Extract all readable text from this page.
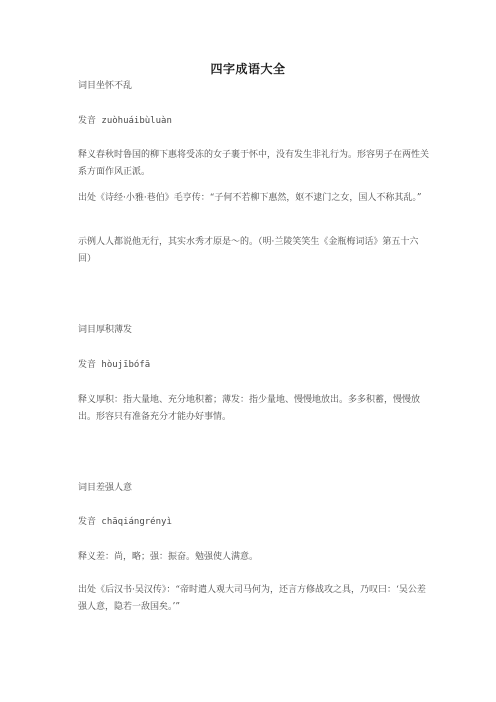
四字成语大全

词目坐怀不乱

发音 zuòhuáibùluàn

释义春秋时鲁国的柳下惠将受冻的女子裹于怀中，没有发生非礼行为。形容男子在两性关系方面作风正派。

出处《诗经·小雅·巷伯》毛亨传：“子何不若柳下惠然，妪不逮门之女，国人不称其乱。”

示例人人都说他无行，其实水秀才原是～的。（明·兰陵笑笑生《金瓶梅词话》第五十六回）

词目厚积薄发

发音 hòujībófā

释义厚积：指大量地、充分地积蓄；薄发：指少量地、慢慢地放出。多多积蓄，慢慢放出。形容只有准备充分才能办好事情。

词目差强人意

发音 chāqiángrényì

释义差：尚，略；强：振奋。勉强使人满意。

出处《后汉书·吴汉传》：“帝时遣人观大司马何为，还言方修战攻之具，乃叹曰：‘吴公差强人意，隐若一敌国矣。’”
